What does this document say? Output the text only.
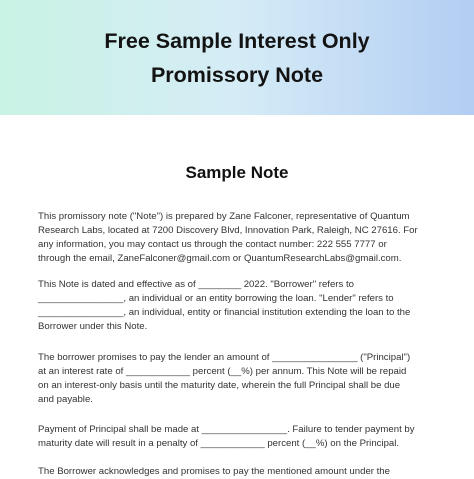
Free Sample Interest Only
Promissory Note
Sample Note
This promissory note ("Note") is prepared by Zane Falconer, representative of Quantum
Research Labs, located at 7200 Discovery Blvd, Innovation Park, Raleigh, NC 27616. For
any information, you may contact us through the contact number: 222 555 7777 or
through the email, ZaneFalconer@gmail.com or QuantumResearchLabs@gmail.com.
This Note is dated and effective as of ________ 2022. "Borrower" refers to
________________, an individual or an entity borrowing the loan. "Lender" refers to
________________, an individual, entity or financial institution extending the loan to the
Borrower under this Note.
The borrower promises to pay the lender an amount of ________________ ("Principal")
at an interest rate of ____________ percent (__%) per annum. This Note will be repaid
on an interest-only basis until the maturity date, wherein the full Principal shall be due
and payable.
Payment of Principal shall be made at ________________. Failure to tender payment by
maturity date will result in a penalty of ____________ percent (__%) on the Principal.
The Borrower acknowledges and promises to pay the mentioned amount under the
